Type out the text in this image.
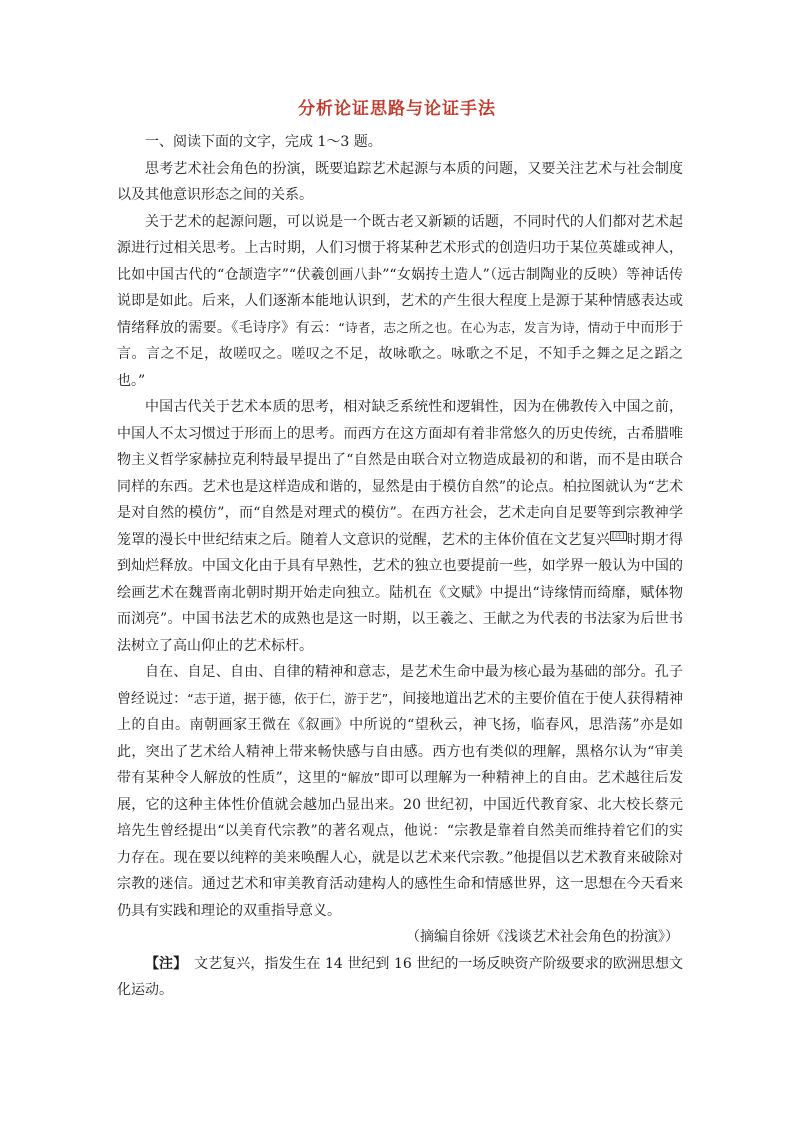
分析论证思路与论证手法

一、阅读下面的文字，完成 1～3 题。

思考艺术社会角色的扮演，既要追踪艺术起源与本质的问题，又要关注艺术与社会制度以及其他意识形态之间的关系。

关于艺术的起源问题，可以说是一个既古老又新颖的话题，不同时代的人们都对艺术起源进行过相关思考。上古时期，人们习惯于将某种艺术形式的创造归功于某位英雄或神人，比如中国古代的“仓颉造字”“伏羲创画八卦”“女娲抟土造人”（远古制陶业的反映）等神话传说即是如此。后来，人们逐渐本能地认识到，艺术的产生很大程度上是源于某种情感表达或情绪释放的需要。《毛诗序》有云：“诗者，志之所之也。在心为志，发言为诗，情动于中而形于言。言之不足，故嗟叹之。嗟叹之不足，故咏歌之。咏歌之不足，不知手之舞之足之蹈之也。”

中国古代关于艺术本质的思考，相对缺乏系统性和逻辑性，因为在佛教传入中国之前，中国人不太习惯过于形而上的思考。而西方在这方面却有着非常悠久的历史传统，古希腊唯物主义哲学家赫拉克利特最早提出了“自然是由联合对立物造成最初的和谐，而不是由联合同样的东西。艺术也是这样造成和谐的，显然是由于模仿自然”的论点。柏拉图就认为“艺术是对自然的模仿”，而“自然是对理式的模仿”。在西方社会，艺术走向自足要等到宗教神学笼罩的漫长中世纪结束之后。随着人文意识的觉醒，艺术的主体价值在文艺复兴 [注] 时期才得到灿烂释放。中国文化由于具有早熟性，艺术的独立也要提前一些，如学界一般认为中国的绘画艺术在魏晋南北朝时期开始走向独立。陆机在《文赋》中提出“诗缘情而绮靡，赋体物而浏亮”。中国书法艺术的成熟也是这一时期，以王羲之、王献之为代表的书法家为后世书法树立了高山仰止的艺术标杆。

自在、自足、自由、自律的精神和意志，是艺术生命中最为核心最为基础的部分。孔子曾经说过：“志于道，据于德，依于仁，游于艺”，间接地道出艺术的主要价值在于使人获得精神上的自由。南朝画家王微在《叙画》中所说的“望秋云，神飞扬，临春风，思浩荡”亦是如此，突出了艺术给人精神上带来畅快感与自由感。西方也有类似的理解，黑格尔认为“审美带有某种令人解放的性质”，这里的“解放”即可以理解为一种精神上的自由。艺术越往后发展，它的这种主体性价值就会越加凸显出来。20 世纪初，中国近代教育家、北大校长蔡元培先生曾经提出“以美育代宗教”的著名观点，他说：“宗教是靠着自然美而维持着它们的实力存在。现在要以纯粹的美来唤醒人心，就是以艺术来代宗教。”他提倡以艺术教育来破除对宗教的迷信。通过艺术和审美教育活动建构人的感性生命和情感世界，这一思想在今天看来仍具有实践和理论的双重指导意义。

（摘编自徐妍《浅谈艺术社会角色的扮演》）

【注】　文艺复兴，指发生在 14 世纪到 16 世纪的一场反映资产阶级要求的欧洲思想文化运动。
